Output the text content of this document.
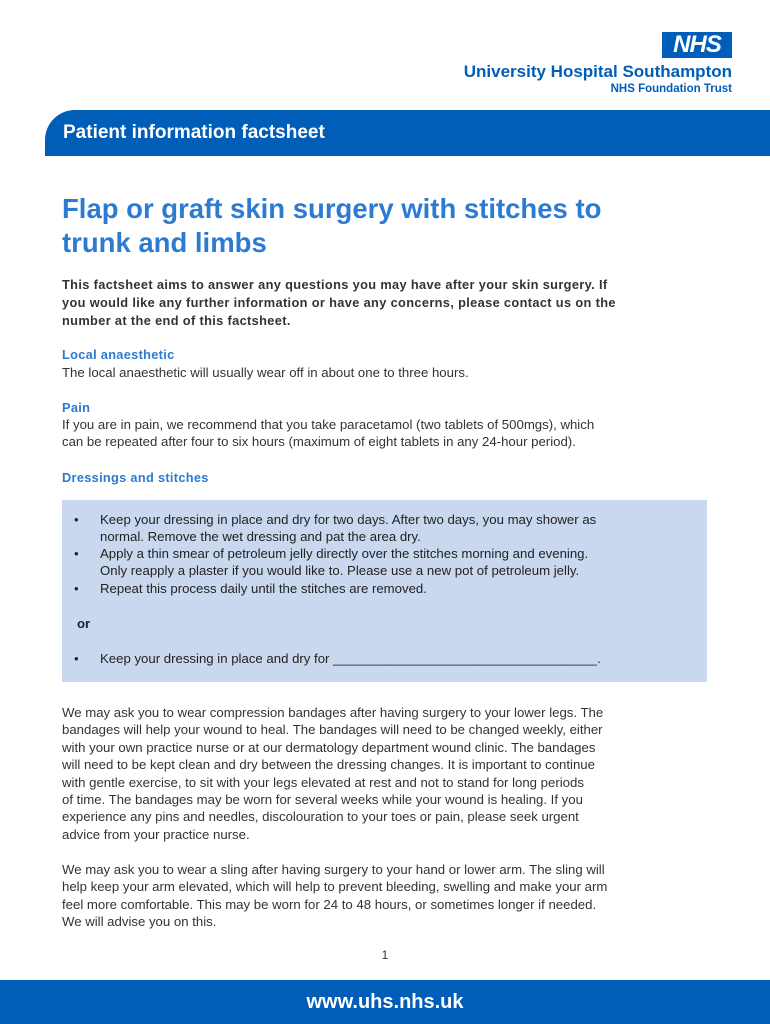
NHS
University Hospital Southampton
NHS Foundation Trust
Patient information factsheet
Flap or graft skin surgery with stitches to
trunk and limbs
This factsheet aims to answer any questions you may have after your skin surgery. If
you would like any further information or have any concerns, please contact us on the
number at the end of this factsheet.
Local anaesthetic
The local anaesthetic will usually wear off in about one to three hours.
Pain
If you are in pain, we recommend that you take paracetamol (two tablets of 500mgs), which
can be repeated after four to six hours (maximum of eight tablets in any 24-hour period).
Dressings and stitches
• Keep your dressing in place and dry for two days. After two days, you may shower as
normal. Remove the wet dressing and pat the area dry.
• Apply a thin smear of petroleum jelly directly over the stitches morning and evening.
Only reapply a plaster if you would like to. Please use a new pot of petroleum jelly.
• Repeat this process daily until the stitches are removed.
or
• Keep your dressing in place and dry for ____________________________________.
We may ask you to wear compression bandages after having surgery to your lower legs. The
bandages will help your wound to heal. The bandages will need to be changed weekly, either
with your own practice nurse or at our dermatology department wound clinic. The bandages
will need to be kept clean and dry between the dressing changes. It is important to continue
with gentle exercise, to sit with your legs elevated at rest and not to stand for long periods
of time. The bandages may be worn for several weeks while your wound is healing. If you
experience any pins and needles, discolouration to your toes or pain, please seek urgent
advice from your practice nurse.
We may ask you to wear a sling after having surgery to your hand or lower arm. The sling will
help keep your arm elevated, which will help to prevent bleeding, swelling and make your arm
feel more comfortable. This may be worn for 24 to 48 hours, or sometimes longer if needed.
We will advise you on this.
1
www.uhs.nhs.uk
